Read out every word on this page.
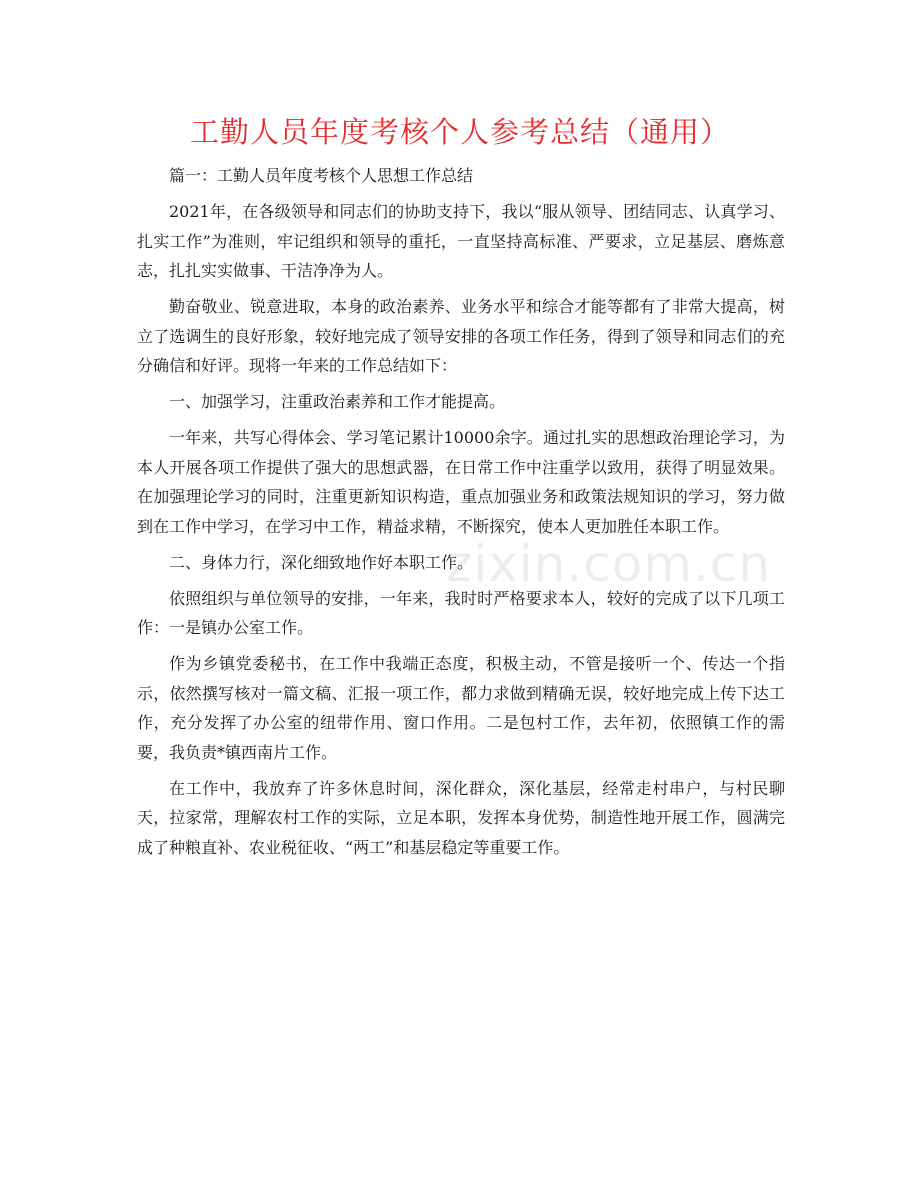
工勤人员年度考核个人参考总结（通用）

篇一：工勤人员年度考核个人思想工作总结

2021年，在各级领导和同志们的协助支持下，我以“服从领导、团结同志、认真学习、扎实工作”为准则，牢记组织和领导的重托，一直坚持高标准、严要求，立足基层、磨炼意志，扎扎实实做事、干洁净净为人。

勤奋敬业、锐意进取，本身的政治素养、业务水平和综合才能等都有了非常大提高，树立了选调生的良好形象，较好地完成了领导安排的各项工作任务，得到了领导和同志们的充分确信和好评。现将一年来的工作总结如下：

一、加强学习，注重政治素养和工作才能提高。

一年来，共写心得体会、学习笔记累计10000余字。通过扎实的思想政治理论学习，为本人开展各项工作提供了强大的思想武器，在日常工作中注重学以致用，获得了明显效果。在加强理论学习的同时，注重更新知识构造，重点加强业务和政策法规知识的学习，努力做到在工作中学习，在学习中工作，精益求精，不断探究，使本人更加胜任本职工作。

二、身体力行，深化细致地作好本职工作。

依照组织与单位领导的安排，一年来，我时时严格要求本人，较好的完成了以下几项工作：一是镇办公室工作。

作为乡镇党委秘书，在工作中我端正态度，积极主动，不管是接听一个、传达一个指示，依然撰写核对一篇文稿、汇报一项工作，都力求做到精确无误，较好地完成上传下达工作，充分发挥了办公室的纽带作用、窗口作用。二是包村工作，去年初，依照镇工作的需要，我负责*镇西南片工作。

在工作中，我放弃了许多休息时间，深化群众，深化基层，经常走村串户，与村民聊天，拉家常，理解农村工作的实际，立足本职，发挥本身优势，制造性地开展工作，圆满完成了种粮直补、农业税征收、“两工”和基层稳定等重要工作。

zixin.com.cn
